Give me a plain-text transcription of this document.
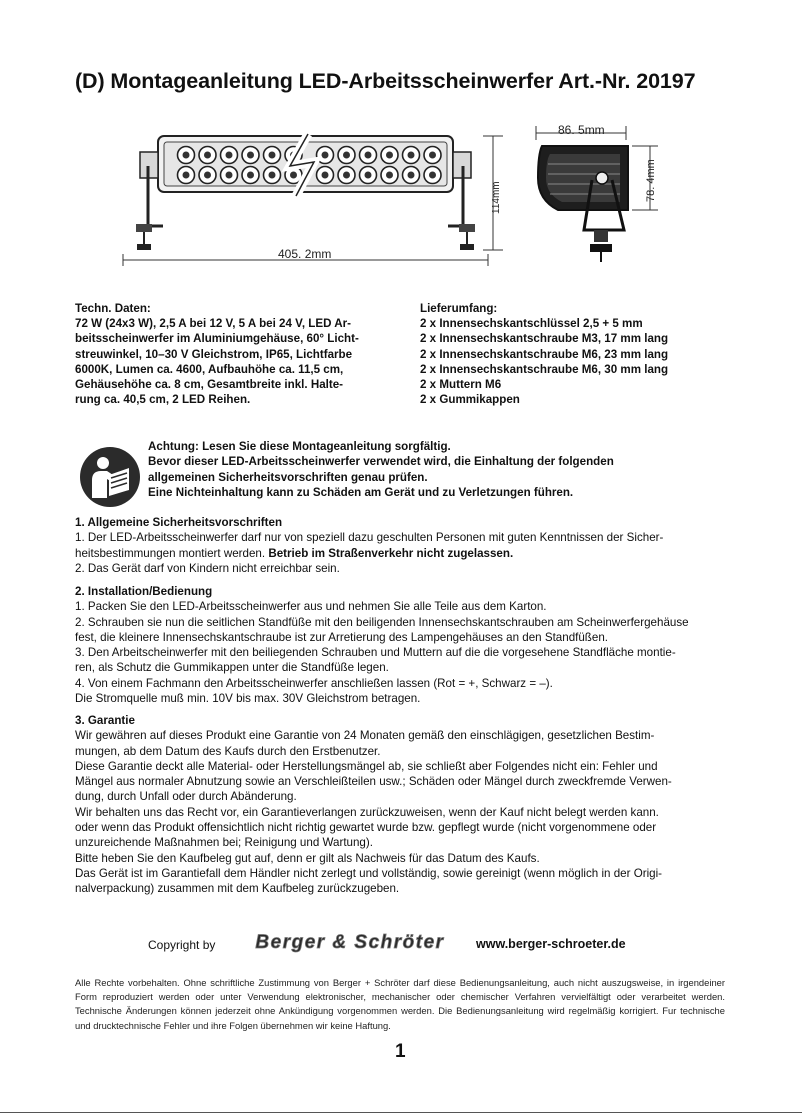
(D) Montageanleitung LED-Arbeitsscheinwerfer Art.-Nr. 20197
405. 2mm
114mm
86. 5mm
78. 4mm
Techn. Daten:
72 W (24x3 W), 2,5 A bei 12 V, 5 A bei 24 V, LED Ar-
beitsscheinwerfer im Aluminiumgehäuse, 60° Licht-
streuwinkel, 10–30 V Gleichstrom, IP65, Lichtfarbe
6000K, Lumen ca. 4600, Aufbauhöhe ca. 11,5 cm,
Gehäusehöhe ca. 8 cm, Gesamtbreite inkl. Halte-
rung ca. 40,5 cm, 2 LED Reihen.
Lieferumfang:
2 x Innensechskantschlüssel 2,5 + 5 mm
2 x Innensechskantschraube M3, 17 mm lang
2 x Innensechskantschraube M6, 23 mm lang
2 x Innensechskantschraube M6, 30 mm lang
2 x Muttern M6
2 x Gummikappen
Achtung: Lesen Sie diese Montageanleitung sorgfältig.
Bevor dieser LED-Arbeitsscheinwerfer verwendet wird, die Einhaltung der folgenden
allgemeinen Sicherheitsvorschriften genau prüfen.
Eine Nichteinhaltung kann zu Schäden am Gerät und zu Verletzungen führen.

1. Allgemeine Sicherheitsvorschriften

1. Der LED-Arbeitsscheinwerfer darf nur von speziell dazu geschulten Personen mit guten Kenntnissen der Sicher-

heitsbestimmungen montiert werden. Betrieb im Straßenverkehr nicht zugelassen.

2. Das Gerät darf von Kindern nicht erreichbar sein.

2. Installation/Bedienung

1. Packen Sie den LED-Arbeitsscheinwerfer aus und nehmen Sie alle Teile aus dem Karton.

2. Schrauben sie nun die seitlichen Standfüße mit den beiligenden Innensechskantschrauben am Scheinwerfergehäuse

fest, die kleinere Innensechskantschraube ist zur Arretierung des Lampengehäuses an den Standfüßen.

3. Den Arbeitscheinwerfer mit den beiliegenden Schrauben und Muttern auf die die vorgesehene Standfläche montie-

ren, als Schutz die Gummikappen unter die Standfüße legen.

4. Von einem Fachmann den Arbeitsscheinwerfer anschließen lassen (Rot = +, Schwarz = –).

Die Stromquelle muß min. 10V bis max. 30V Gleichstrom betragen.

3. Garantie

Wir gewähren auf dieses Produkt eine Garantie von 24 Monaten gemäß den einschlägigen, gesetzlichen Bestim-

mungen, ab dem Datum des Kaufs durch den Erstbenutzer.

Diese Garantie deckt alle Material- oder Herstellungsmängel ab, sie schließt aber Folgendes nicht ein: Fehler und

Mängel aus normaler Abnutzung sowie an Verschleißteilen usw.; Schäden oder Mängel durch zweckfremde Verwen-

dung, durch Unfall oder durch Abänderung.

Wir behalten uns das Recht vor, ein Garantieverlangen zurückzuweisen, wenn der Kauf nicht belegt werden kann.

oder wenn das Produkt offensichtlich nicht richtig gewartet wurde bzw. gepflegt wurde (nicht vorgenommene oder

unzureichende Maßnahmen bei; Reinigung und Wartung).

Bitte heben Sie den Kaufbeleg gut auf, denn er gilt als Nachweis für das Datum des Kaufs.

Das Gerät ist im Garantiefall dem Händler nicht zerlegt und vollständig, sowie gereinigt (wenn möglich in der Origi-

nalverpackung) zusammen mit dem Kaufbeleg zurückzugeben.

Copyright by Berger & Schröter	www.berger-schroeter.de
Alle Rechte vorbehalten. Ohne schriftliche Zustimmung von Berger + Schröter darf diese Bedienungsanleitung, auch nicht auszugsweise, in irgendeiner Form reproduziert werden oder unter Verwendung elektronischer, mechanischer oder chemischer Verfahren vervielfältigt oder verarbeitet werden. Technische Änderungen können jederzeit ohne Ankündigung vorgenommen werden. Die Bedienungsanleitung wird regelmäßig korrigiert. Fur technische und drucktechnische Fehler und ihre Folgen übernehmen wir keine Haftung.
1
